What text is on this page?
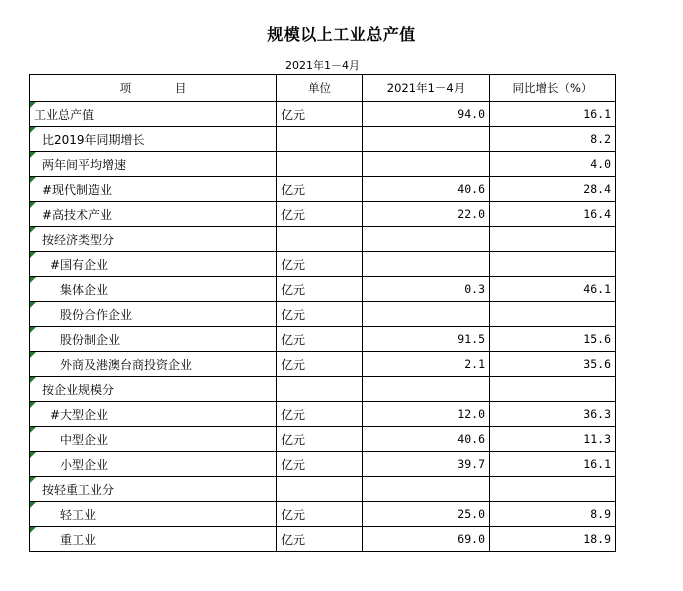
规模以上工业总产值
2021年1－4月
项 目	单位	2021年1－4月	同比增长（%）
工业总产值	亿元	94.0	16.1
比2019年同期增长			8.2
两年间平均增速			4.0
#现代制造业	亿元	40.6	28.4
#高技术产业	亿元	22.0	16.4
按经济类型分			
#国有企业	亿元		
集体企业	亿元	0.3	46.1
股份合作企业	亿元		
股份制企业	亿元	91.5	15.6
外商及港澳台商投资企业	亿元	2.1	35.6
按企业规模分			
#大型企业	亿元	12.0	36.3
中型企业	亿元	40.6	11.3
小型企业	亿元	39.7	16.1
按轻重工业分			
轻工业	亿元	25.0	8.9
重工业	亿元	69.0	18.9
